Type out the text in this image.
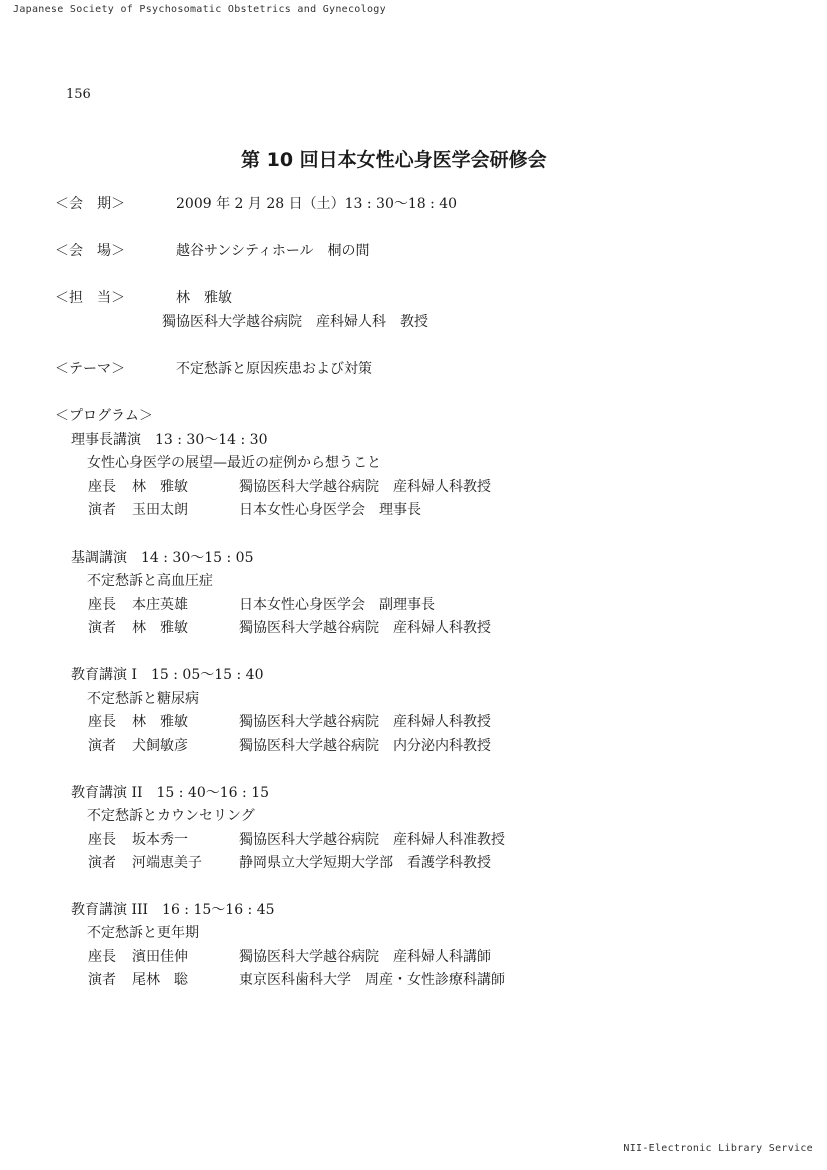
Japanese Society of Psychosomatic Obstetrics and Gynecology
156
第 10 回日本女性心身医学会研修会
＜会　期＞	2009 年 2 月 28 日（土）13 : 30〜18 : 40
＜会　場＞	越谷サンシティホール　桐の間
＜担　当＞	林　雅敏
獨協医科大学越谷病院　産科婦人科　教授
＜テーマ＞	不定愁訴と原因疾患および対策
＜プログラム＞
理事長講演　13 : 30〜14 : 30
女性心身医学の展望—最近の症例から想うこと
座長 林　雅敏	獨協医科大学越谷病院　産科婦人科教授
演者 玉田太朗	日本女性心身医学会　理事長
基調講演　14 : 30〜15 : 05
不定愁訴と高血圧症
座長 本庄英雄	日本女性心身医学会　副理事長
演者 林　雅敏	獨協医科大学越谷病院　産科婦人科教授
教育講演 I　15 : 05〜15 : 40
不定愁訴と糖尿病
座長 林　雅敏	獨協医科大学越谷病院　産科婦人科教授
演者 犬飼敏彦	獨協医科大学越谷病院　内分泌内科教授
教育講演 II　15 : 40〜16 : 15
不定愁訴とカウンセリング
座長 坂本秀一	獨協医科大学越谷病院　産科婦人科准教授
演者 河端恵美子	静岡県立大学短期大学部　看護学科教授
教育講演 III　16 : 15〜16 : 45
不定愁訴と更年期
座長 濱田佳伸	獨協医科大学越谷病院　産科婦人科講師
演者 尾林　聡	東京医科歯科大学　周産・女性診療科講師
NII-Electronic Library Service
